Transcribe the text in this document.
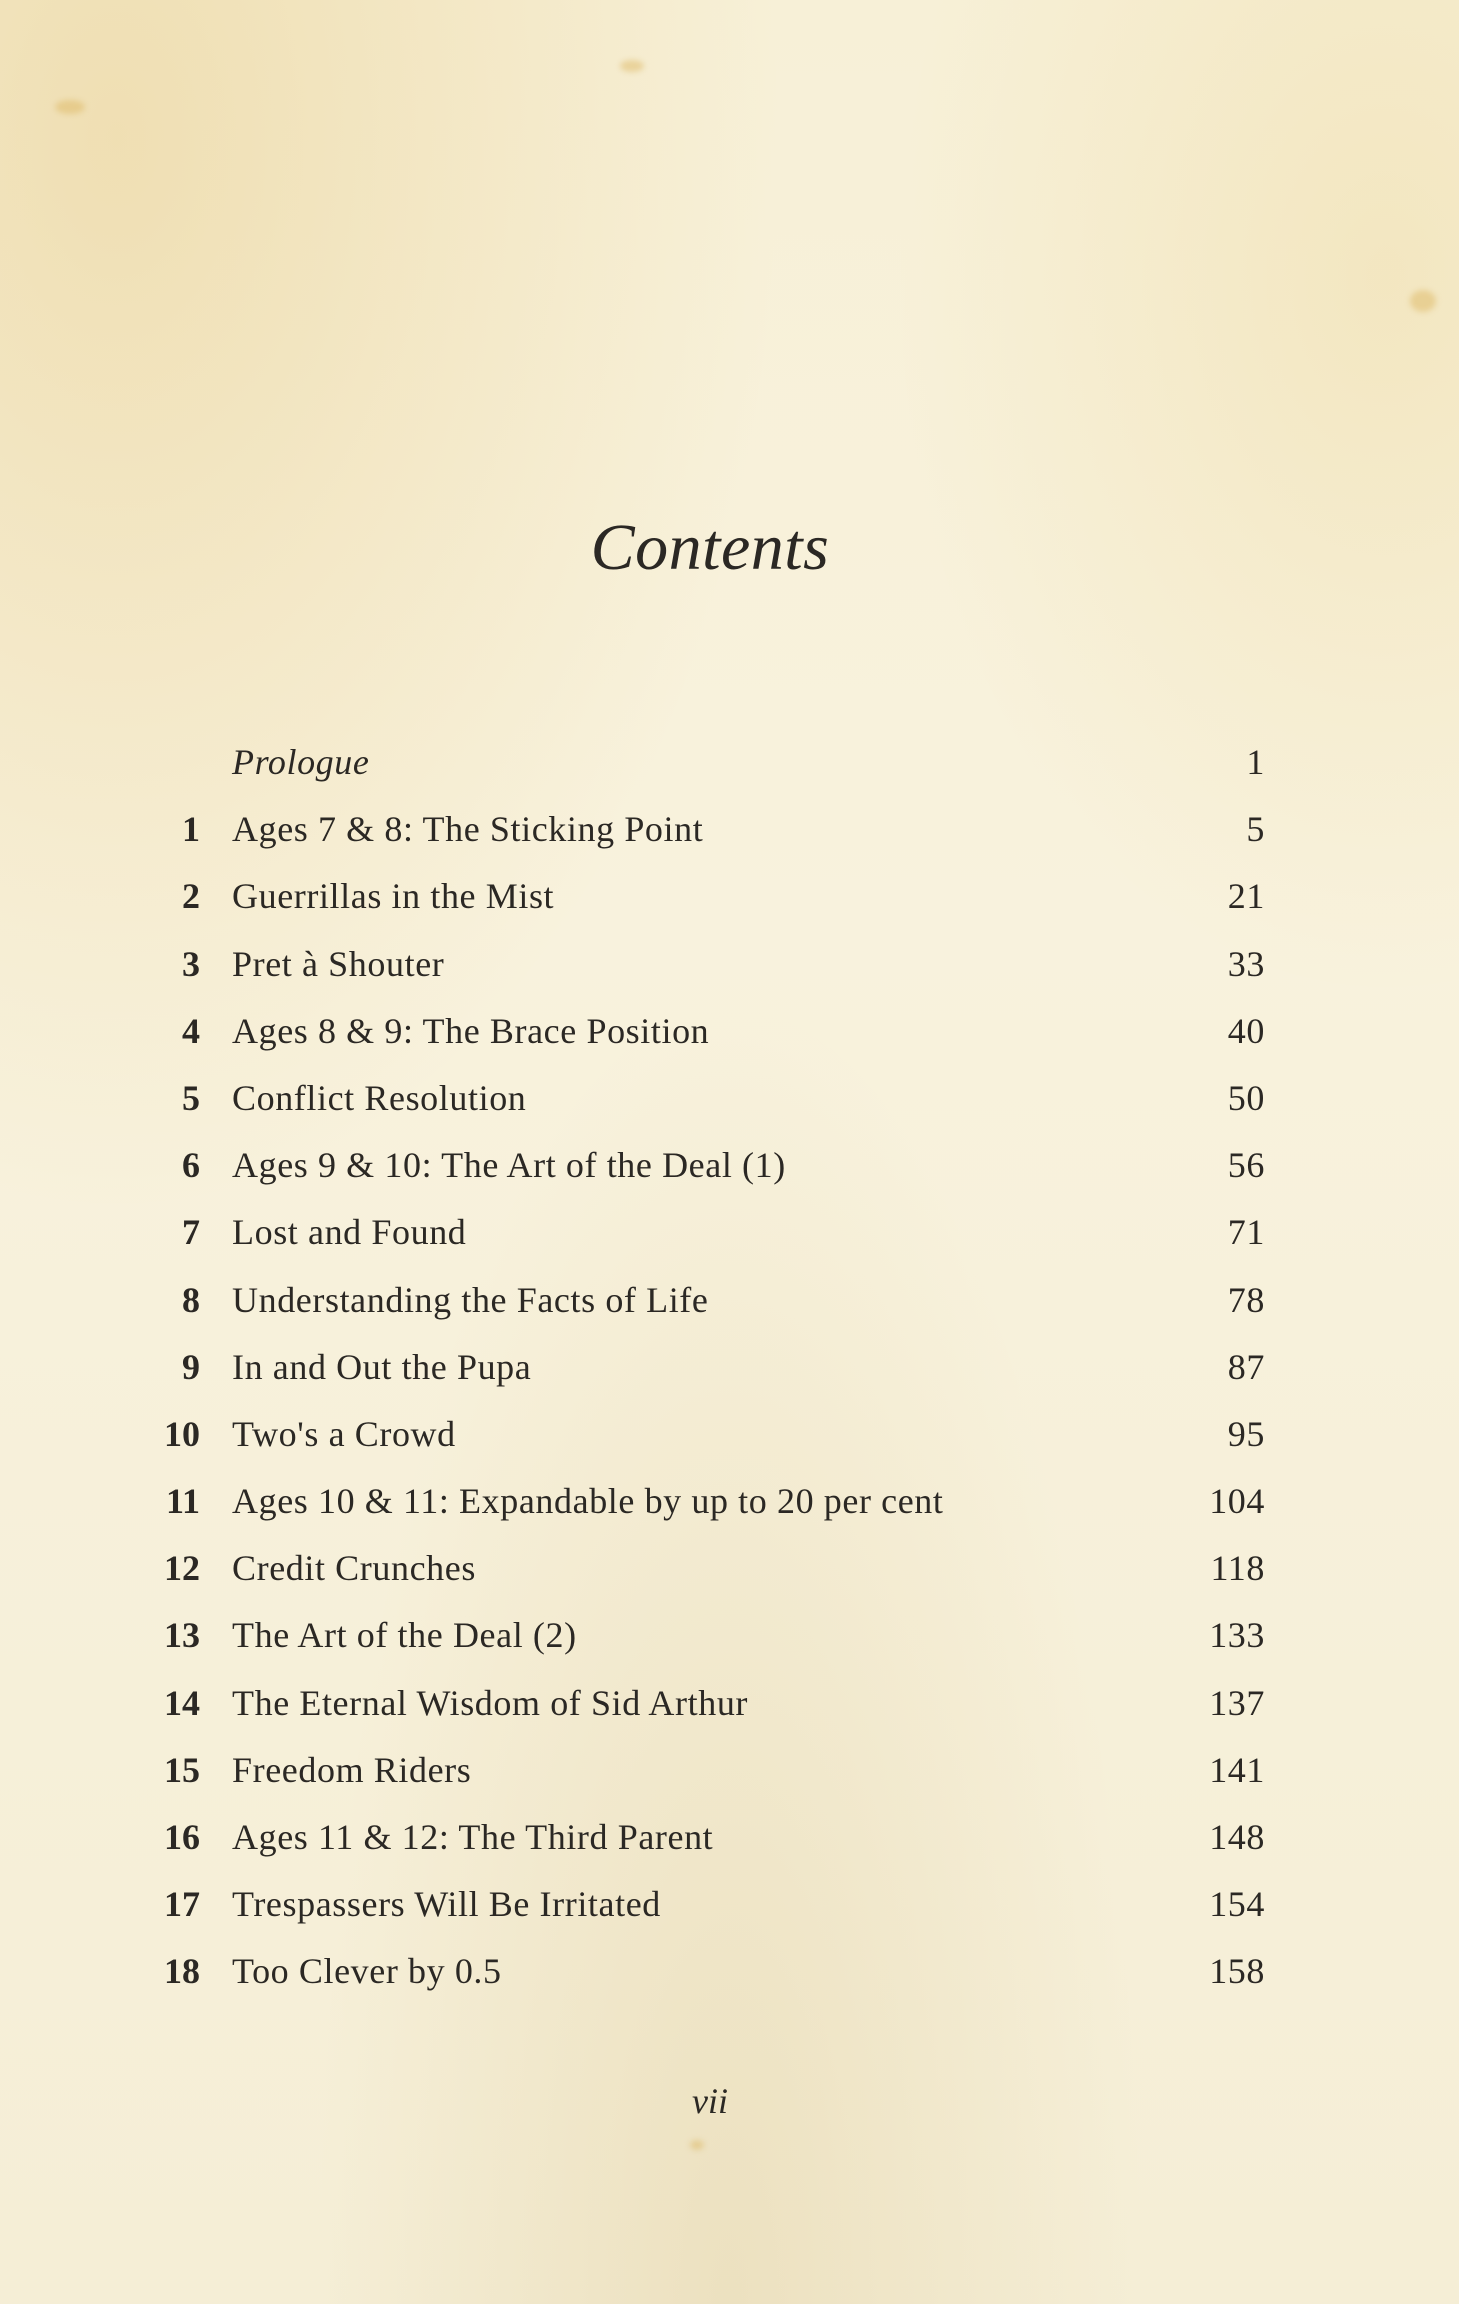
Contents
Prologue	1
1 Ages 7 & 8: The Sticking Point	5
2 Guerrillas in the Mist	21
3 Pret à Shouter	33
4 Ages 8 & 9: The Brace Position	40
5 Conflict Resolution	50
6 Ages 9 & 10: The Art of the Deal (1)	56
7 Lost and Found	71
8 Understanding the Facts of Life	78
9 In and Out the Pupa	87
10 Two's a Crowd	95
11 Ages 10 & 11: Expandable by up to 20 per cent	104
12 Credit Crunches	118
13 The Art of the Deal (2)	133
14 The Eternal Wisdom of Sid Arthur	137
15 Freedom Riders	141
16 Ages 11 & 12: The Third Parent	148
17 Trespassers Will Be Irritated	154
18 Too Clever by 0.5	158
vii
